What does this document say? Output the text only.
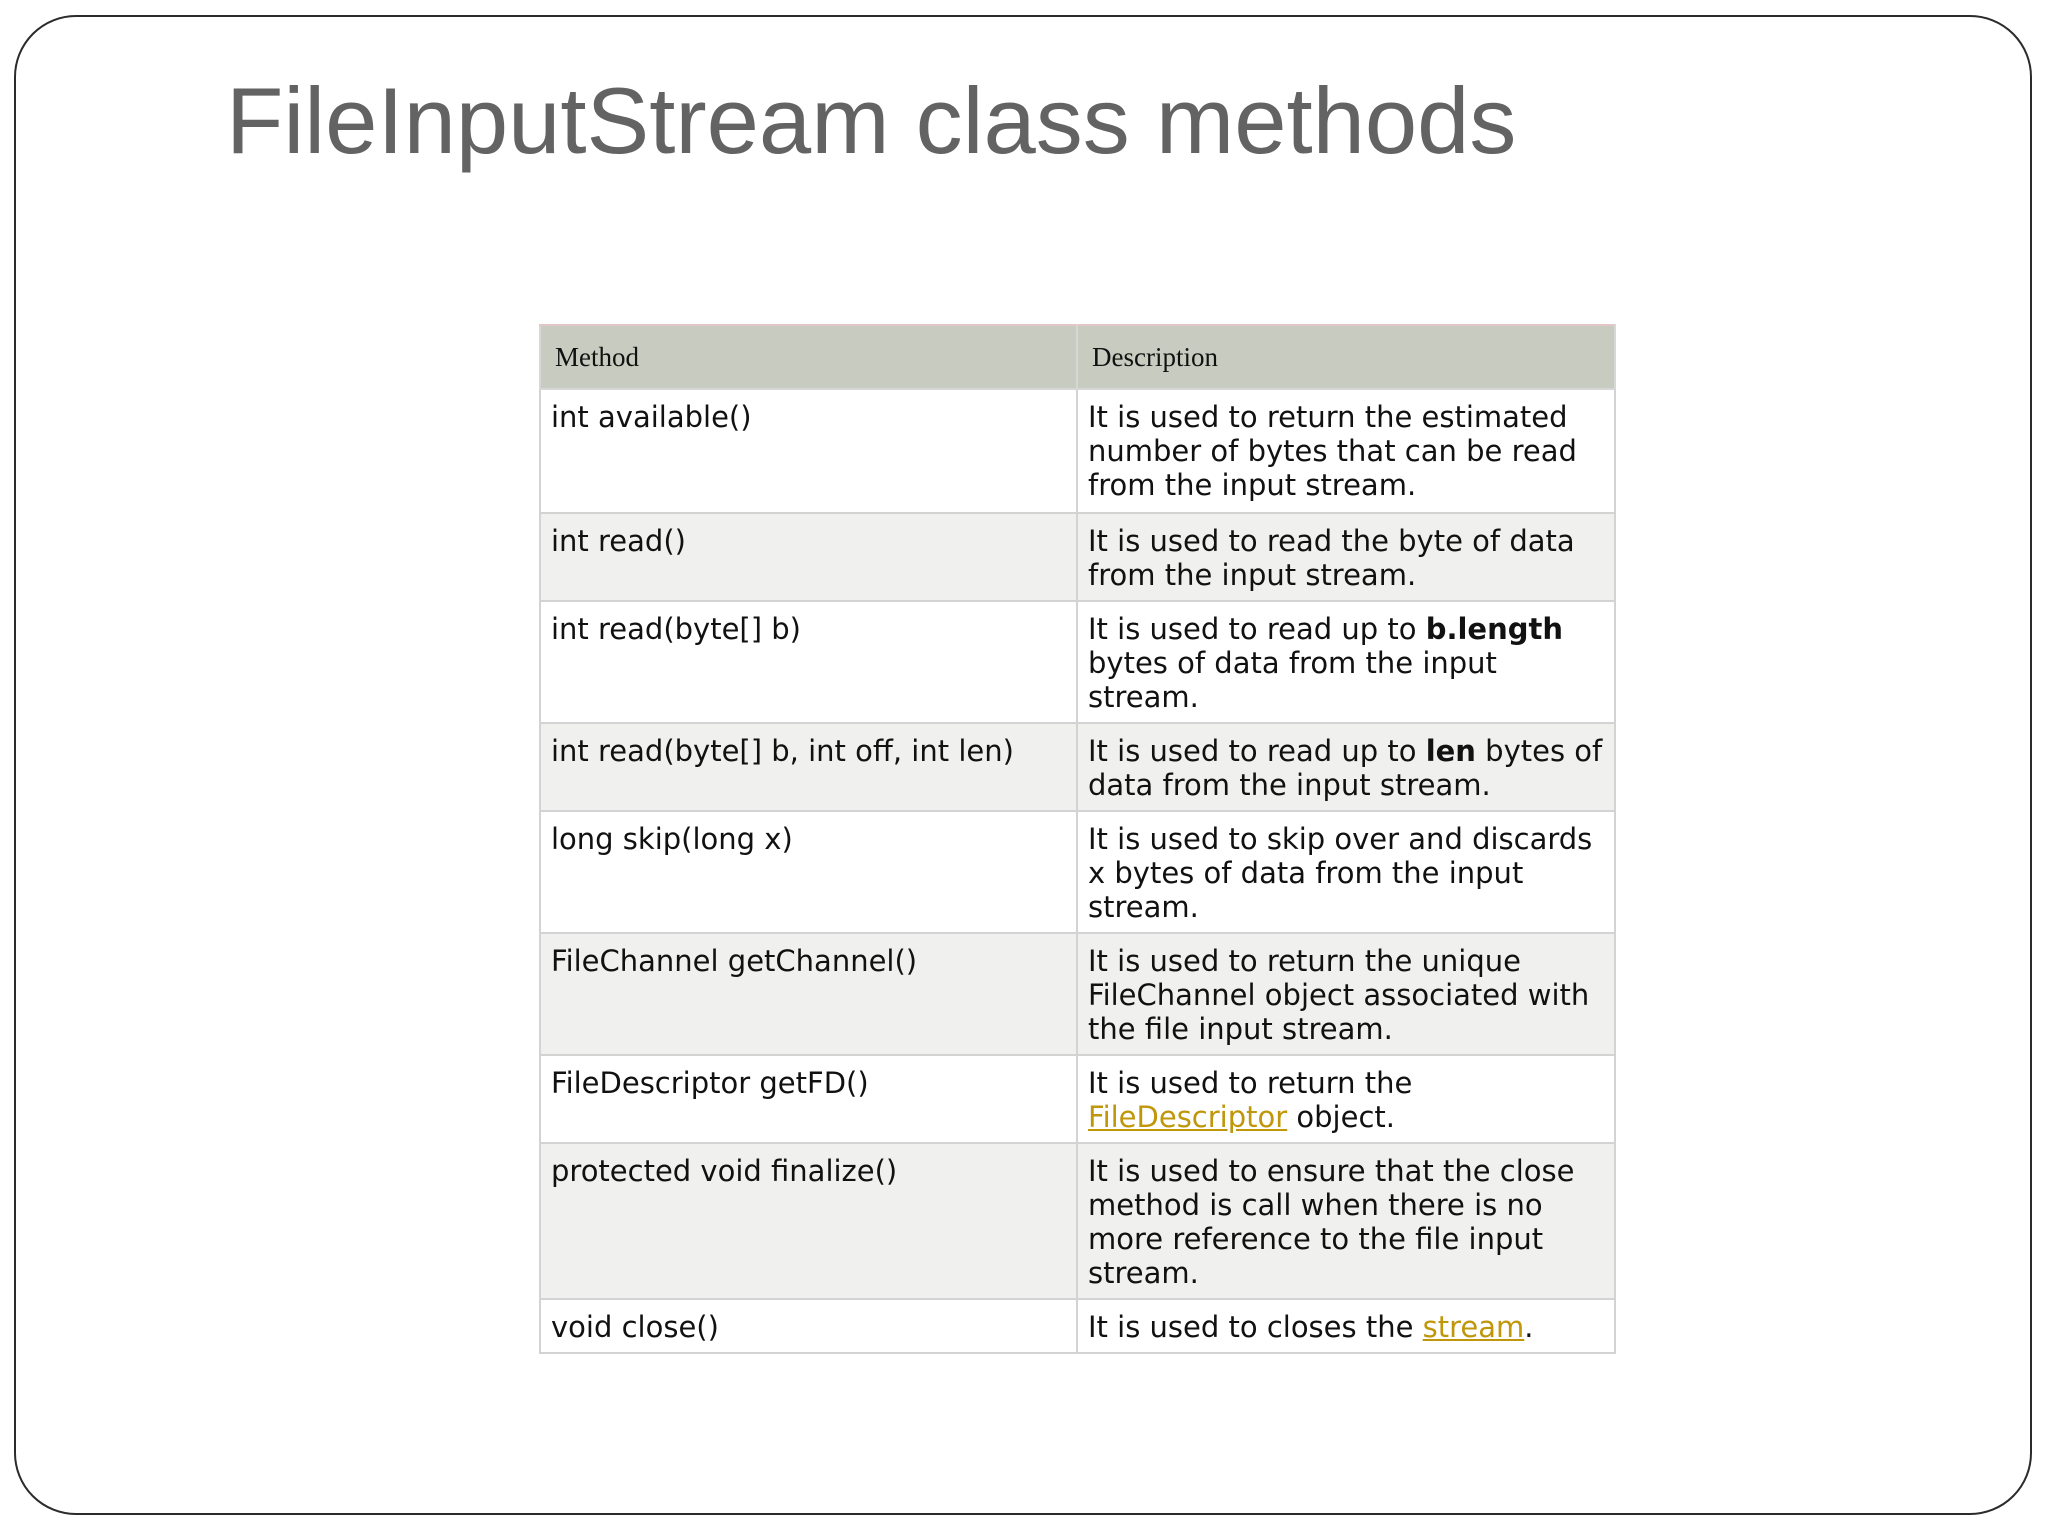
FileInputStream class methods
Method	Description
int available()	It is used to return the estimated number of bytes that can be read from the input stream.
int read()	It is used to read the byte of data from the input stream.
int read(byte[] b)	It is used to read up to b.length bytes of data from the input stream.
int read(byte[] b, int off, int len)	It is used to read up to len bytes of data from the input stream.
long skip(long x)	It is used to skip over and discards x bytes of data from the input stream.
FileChannel getChannel()	It is used to return the unique FileChannel object associated with the file input stream.
FileDescriptor getFD()	It is used to return the FileDescriptor object.
protected void finalize()	It is used to ensure that the close method is call when there is no more reference to the file input stream.
void close()	It is used to closes the stream.
